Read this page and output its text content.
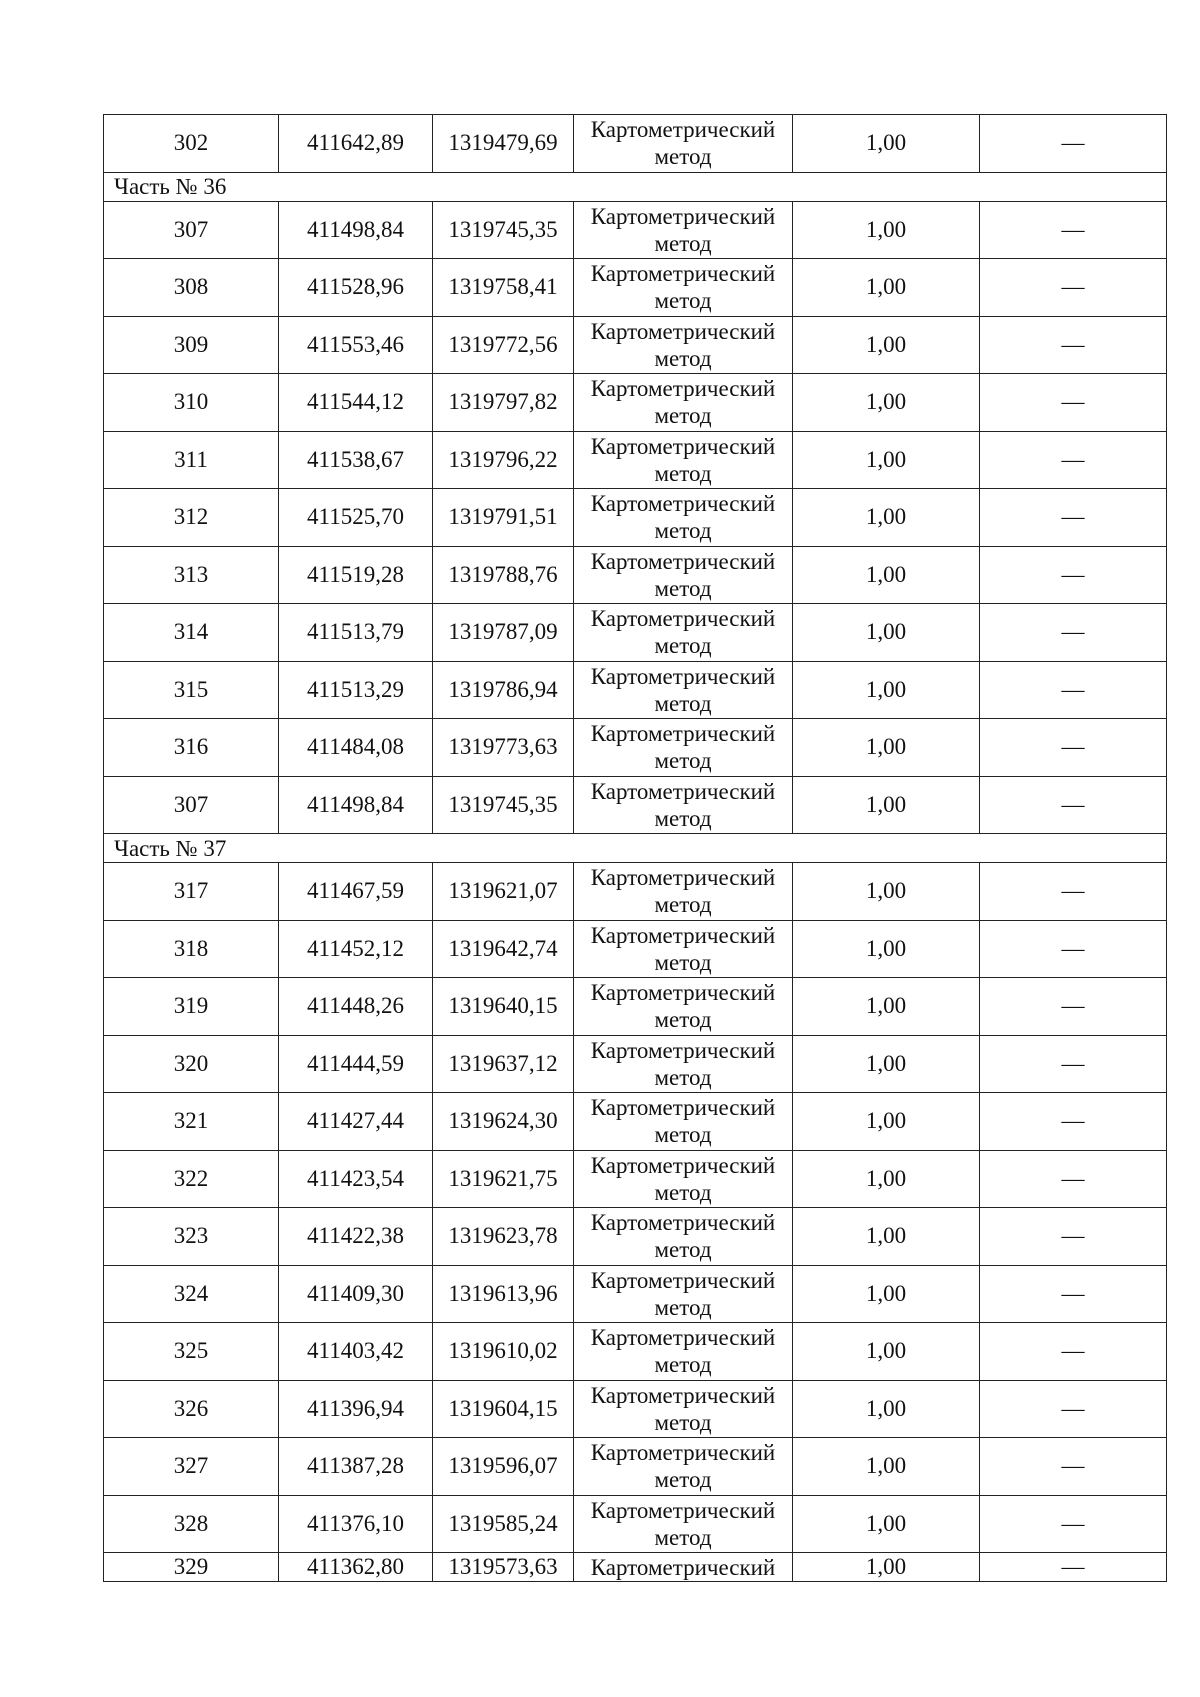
302	411642,89	1319479,69	Картометрический
метод	1,00	—
Часть № 36					
307	411498,84	1319745,35	Картометрический
метод	1,00	—
308	411528,96	1319758,41	Картометрический
метод	1,00	—
309	411553,46	1319772,56	Картометрический
метод	1,00	—
310	411544,12	1319797,82	Картометрический
метод	1,00	—
311	411538,67	1319796,22	Картометрический
метод	1,00	—
312	411525,70	1319791,51	Картометрический
метод	1,00	—
313	411519,28	1319788,76	Картометрический
метод	1,00	—
314	411513,79	1319787,09	Картометрический
метод	1,00	—
315	411513,29	1319786,94	Картометрический
метод	1,00	—
316	411484,08	1319773,63	Картометрический
метод	1,00	—
307	411498,84	1319745,35	Картометрический
метод	1,00	—
Часть № 37					
317	411467,59	1319621,07	Картометрический
метод	1,00	—
318	411452,12	1319642,74	Картометрический
метод	1,00	—
319	411448,26	1319640,15	Картометрический
метод	1,00	—
320	411444,59	1319637,12	Картометрический
метод	1,00	—
321	411427,44	1319624,30	Картометрический
метод	1,00	—
322	411423,54	1319621,75	Картометрический
метод	1,00	—
323	411422,38	1319623,78	Картометрический
метод	1,00	—
324	411409,30	1319613,96	Картометрический
метод	1,00	—
325	411403,42	1319610,02	Картометрический
метод	1,00	—
326	411396,94	1319604,15	Картометрический
метод	1,00	—
327	411387,28	1319596,07	Картометрический
метод	1,00	—
328	411376,10	1319585,24	Картометрический
метод	1,00	—
329	411362,80	1319573,63	Картометрический	1,00	—
